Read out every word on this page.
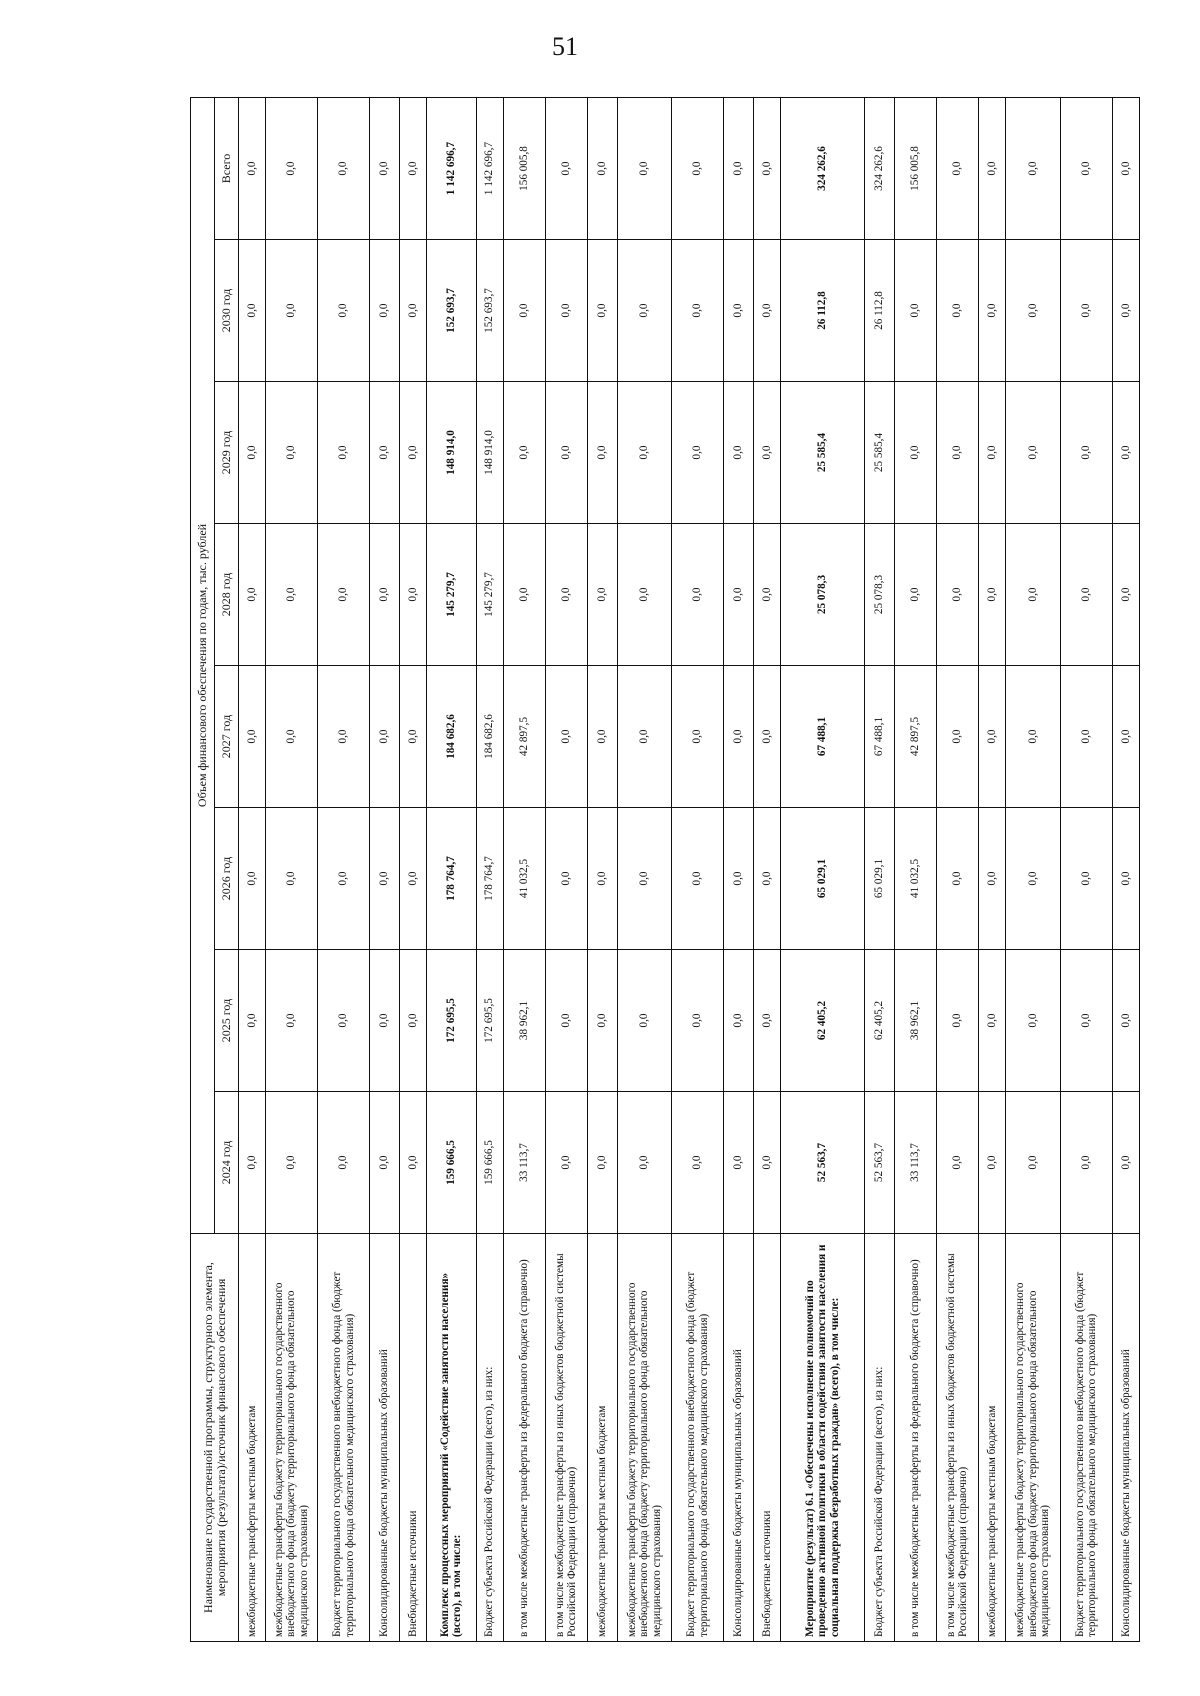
51
Наименование государственной программы, структурного элемента, мероприятия (результата)/источник финансового обеспечения	Объем финансового обеспечения по годам, тыс. рублей							
	2024 год	2025 год	2026 год	2027 год	2028 год	2029 год	2030 год	Всего
межбюджетные трансферты местным бюджетам	0,0	0,0	0,0	0,0	0,0	0,0	0,0	0,0
межбюджетные трансферты бюджету территориального государственного внебюджетного фонда (бюджету территориального фонда обязательного медицинского страхования)	0,0	0,0	0,0	0,0	0,0	0,0	0,0	0,0
Бюджет территориального государственного внебюджетного фонда (бюджет территориального фонда обязательного медицинского страхования)	0,0	0,0	0,0	0,0	0,0	0,0	0,0	0,0
Консолидированные бюджеты муниципальных образований	0,0	0,0	0,0	0,0	0,0	0,0	0,0	0,0
Внебюджетные источники	0,0	0,0	0,0	0,0	0,0	0,0	0,0	0,0
Комплекс процессных мероприятий «Содействие занятости населения» (всего), в том числе:	159 666,5	172 695,5	178 764,7	184 682,6	145 279,7	148 914,0	152 693,7	1 142 696,7
Бюджет субъекта Российской Федерации (всего), из них:	159 666,5	172 695,5	178 764,7	184 682,6	145 279,7	148 914,0	152 693,7	1 142 696,7
в том числе межбюджетные трансферты из федерального бюджета (справочно)	33 113,7	38 962,1	41 032,5	42 897,5	0,0	0,0	0,0	156 005,8
в том числе межбюджетные трансферты из иных бюджетов бюджетной системы Российской Федерации (справочно)	0,0	0,0	0,0	0,0	0,0	0,0	0,0	0,0
межбюджетные трансферты местным бюджетам	0,0	0,0	0,0	0,0	0,0	0,0	0,0	0,0
межбюджетные трансферты бюджету территориального государственного внебюджетного фонда (бюджету территориального фонда обязательного медицинского страхования)	0,0	0,0	0,0	0,0	0,0	0,0	0,0	0,0
Бюджет территориального государственного внебюджетного фонда (бюджет территориального фонда обязательного медицинского страхования)	0,0	0,0	0,0	0,0	0,0	0,0	0,0	0,0
Консолидированные бюджеты муниципальных образований	0,0	0,0	0,0	0,0	0,0	0,0	0,0	0,0
Внебюджетные источники	0,0	0,0	0,0	0,0	0,0	0,0	0,0	0,0
Мероприятие (результат) 6.1 «Обеспечены исполнение полномочий по проведению активной политики в области содействия занятости населения и социальная поддержка безработных граждан» (всего), в том числе:	52 563,7	62 405,2	65 029,1	67 488,1	25 078,3	25 585,4	26 112,8	324 262,6
Бюджет субъекта Российской Федерации (всего), из них:	52 563,7	62 405,2	65 029,1	67 488,1	25 078,3	25 585,4	26 112,8	324 262,6
в том числе межбюджетные трансферты из федерального бюджета (справочно)	33 113,7	38 962,1	41 032,5	42 897,5	0,0	0,0	0,0	156 005,8
в том числе межбюджетные трансферты из иных бюджетов бюджетной системы Российской Федерации (справочно)	0,0	0,0	0,0	0,0	0,0	0,0	0,0	0,0
межбюджетные трансферты местным бюджетам	0,0	0,0	0,0	0,0	0,0	0,0	0,0	0,0
межбюджетные трансферты бюджету территориального государственного внебюджетного фонда (бюджету территориального фонда обязательного медицинского страхования)	0,0	0,0	0,0	0,0	0,0	0,0	0,0	0,0
Бюджет территориального государственного внебюджетного фонда (бюджет территориального фонда обязательного медицинского страхования)	0,0	0,0	0,0	0,0	0,0	0,0	0,0	0,0
Консолидированные бюджеты муниципальных образований	0,0	0,0	0,0	0,0	0,0	0,0	0,0	0,0
